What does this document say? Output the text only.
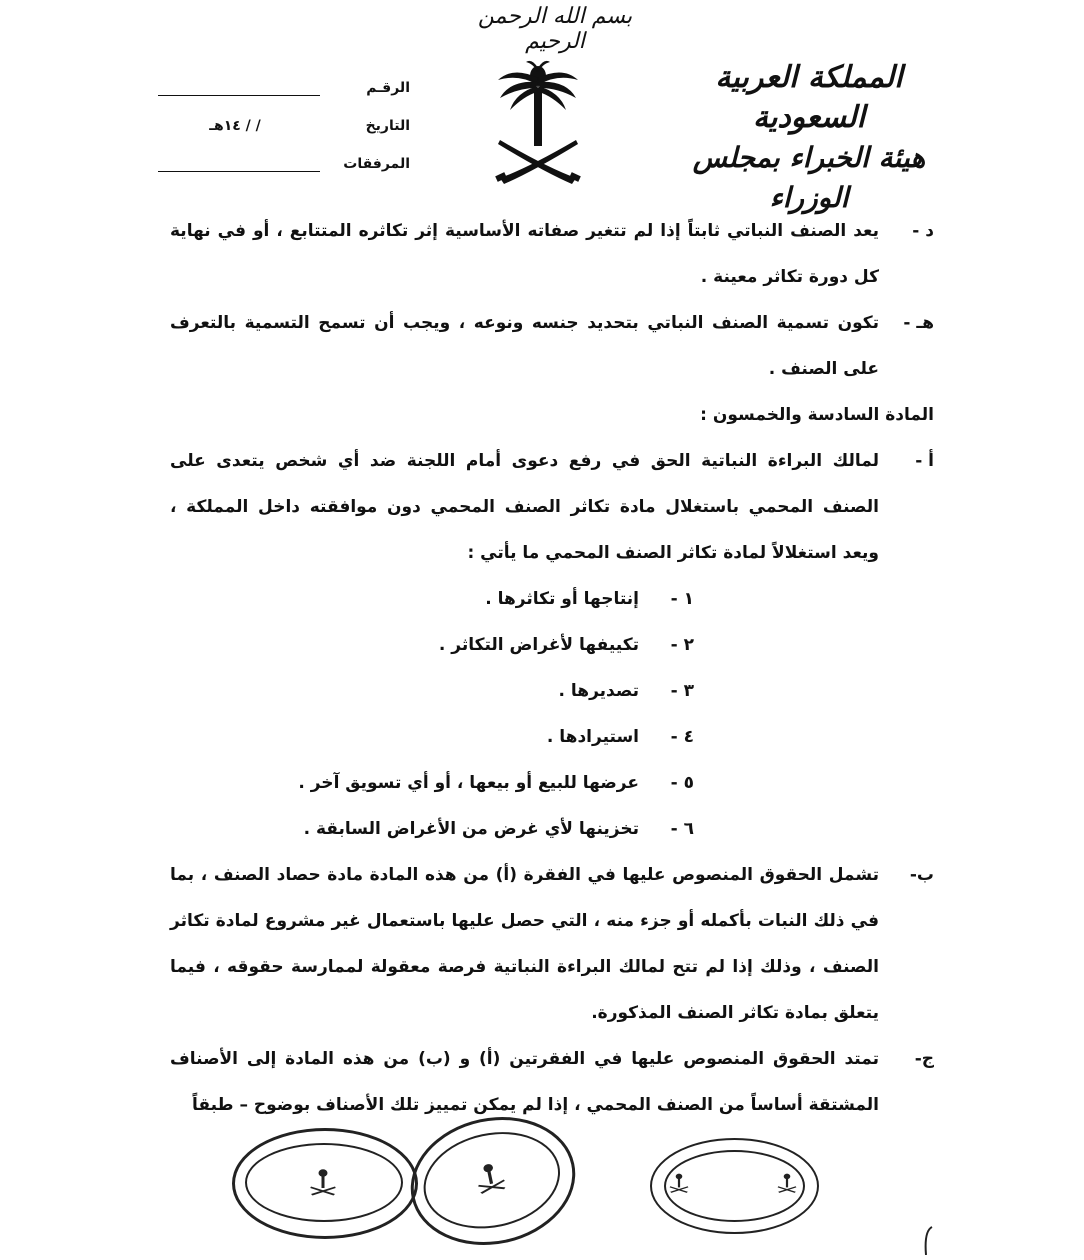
بسم الله الرحمن الرحيم
المملكة العربية السعودية
هيئة الخبراء بمجلس الوزراء
الرقـم
التاريخ
/ / ١٤هـ
المرفقات
د -
يعد الصنف النباتي ثابتاً إذا لم تتغير صفاته الأساسية إثر تكاثره المتتابع ، أو في نهاية كل دورة تكاثر معينة .
هـ -
تكون تسمية الصنف النباتي بتحديد جنسه ونوعه ، ويجب أن تسمح التسمية بالتعرف على الصنف .
المادة السادسة والخمسون :
أ -
لمالك البراءة النباتية الحق في رفع دعوى أمام اللجنة ضد أي شخص يتعدى على الصنف المحمي باستغلال مادة تكاثر الصنف المحمي دون موافقته داخل المملكة ، ويعد استغلالاً لمادة تكاثر الصنف المحمي ما يأتي :
١ -
إنتاجها أو تكاثرها .
٢ -
تكييفها لأغراض التكاثر .
٣ -
تصديرها .
٤ -
استيرادها .
٥ -
عرضها للبيع أو بيعها ، أو أي تسويق آخر .
٦ -
تخزينها لأي غرض من الأغراض السابقة .
ب-
تشمل الحقوق المنصوص عليها في الفقرة (أ) من هذه المادة مادة حصاد الصنف ، بما في ذلك النبات بأكمله أو جزء منه ، التي حصل عليها باستعمال غير مشروع لمادة تكاثر الصنف ، وذلك إذا لم تتح لمالك البراءة النباتية فرصة معقولة لممارسة حقوقه ، فيما يتعلق بمادة تكاثر الصنف المذكورة.
ج-
تمتد الحقوق المنصوص عليها في الفقرتين (أ) و (ب) من هذه المادة إلى الأصناف المشتقة أساساً من الصنف المحمي ، إذا لم يمكن تمييز تلك الأصناف بوضوح – طبقاً
